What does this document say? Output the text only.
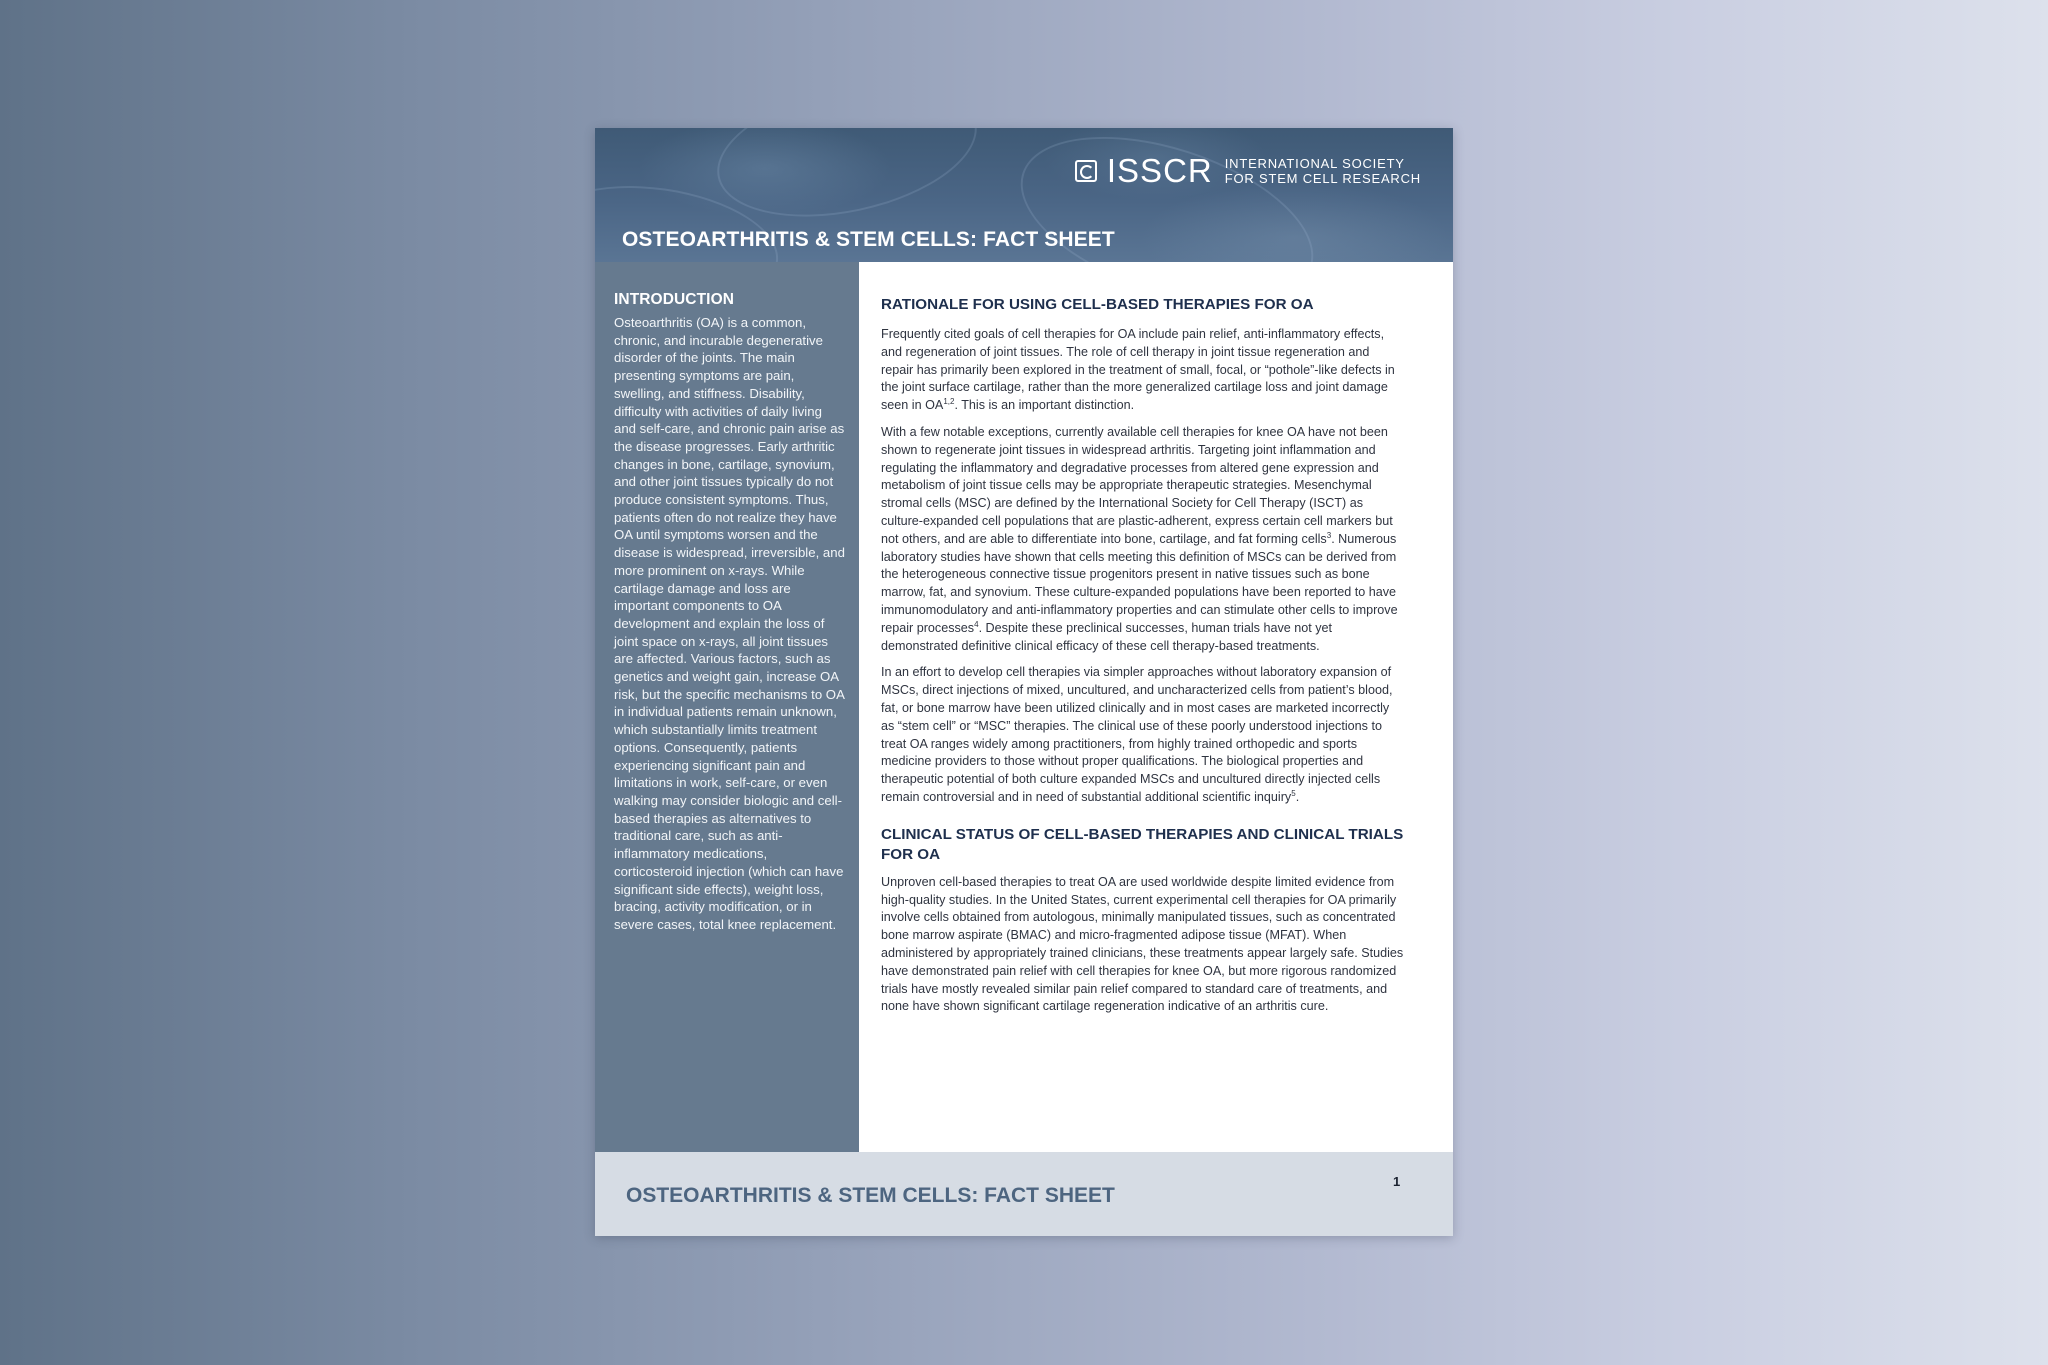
ISSCR INTERNATIONAL SOCIETY
FOR STEM CELL RESEARCH
OSTEOARTHRITIS & STEM CELLS: FACT SHEET
INTRODUCTION

Osteoarthritis (OA) is a common, chronic, and incurable degenerative disorder of the joints. The main presenting symptoms are pain, swelling, and stiffness. Disability, difficulty with activities of daily living and self-care, and chronic pain arise as the disease progresses. Early arthritic changes in bone, cartilage, synovium, and other joint tissues typically do not produce consistent symptoms. Thus, patients often do not realize they have OA until symptoms worsen and the disease is widespread, irreversible, and more prominent on x-rays. While cartilage damage and loss are important components to OA development and explain the loss of joint space on x-rays, all joint tissues are affected. Various factors, such as genetics and weight gain, increase OA risk, but the specific mechanisms to OA in individual patients remain unknown, which substantially limits treatment options. Consequently, patients experiencing significant pain and limitations in work, self-care, or even walking may consider biologic and cell-based therapies as alternatives to traditional care, such as anti-inflammatory medications, corticosteroid injection (which can have significant side effects), weight loss, bracing, activity modification, or in severe cases, total knee replacement.

RATIONALE FOR USING CELL-BASED THERAPIES FOR OA

Frequently cited goals of cell therapies for OA include pain relief, anti-inflammatory effects, and regeneration of joint tissues. The role of cell therapy in joint tissue regeneration and repair has primarily been explored in the treatment of small, focal, or “pothole”-like defects in the joint surface cartilage, rather than the more generalized cartilage loss and joint damage seen in OA$^{1,2}$. This is an important distinction.

With a few notable exceptions, currently available cell therapies for knee OA have not been shown to regenerate joint tissues in widespread arthritis. Targeting joint inflammation and regulating the inflammatory and degradative processes from altered gene expression and metabolism of joint tissue cells may be appropriate therapeutic strategies. Mesenchymal stromal cells (MSC) are defined by the International Society for Cell Therapy (ISCT) as culture-expanded cell populations that are plastic-adherent, express certain cell markers but not others, and are able to differentiate into bone, cartilage, and fat forming cells$^3$. Numerous laboratory studies have shown that cells meeting this definition of MSCs can be derived from the heterogeneous connective tissue progenitors present in native tissues such as bone marrow, fat, and synovium. These culture-expanded populations have been reported to have immunomodulatory and anti-inflammatory properties and can stimulate other cells to improve repair processes$^4$. Despite these preclinical successes, human trials have not yet demonstrated definitive clinical efficacy of these cell therapy-based treatments.

In an effort to develop cell therapies via simpler approaches without laboratory expansion of MSCs, direct injections of mixed, uncultured, and uncharacterized cells from patient’s blood, fat, or bone marrow have been utilized clinically and in most cases are marketed incorrectly as “stem cell” or “MSC” therapies. The clinical use of these poorly understood injections to treat OA ranges widely among practitioners, from highly trained orthopedic and sports medicine providers to those without proper qualifications. The biological properties and therapeutic potential of both culture expanded MSCs and uncultured directly injected cells remain controversial and in need of substantial additional scientific inquiry$^5$.

CLINICAL STATUS OF CELL-BASED THERAPIES AND CLINICAL TRIALS FOR OA

Unproven cell-based therapies to treat OA are used worldwide despite limited evidence from high-quality studies. In the United States, current experimental cell therapies for OA primarily involve cells obtained from autologous, minimally manipulated tissues, such as concentrated bone marrow aspirate (BMAC) and micro-fragmented adipose tissue (MFAT). When administered by appropriately trained clinicians, these treatments appear largely safe. Studies have demonstrated pain relief with cell therapies for knee OA, but more rigorous randomized trials have mostly revealed similar pain relief compared to standard care of treatments, and none have shown significant cartilage regeneration indicative of an arthritis cure.

OSTEOARTHRITIS & STEM CELLS: FACT SHEET
1
